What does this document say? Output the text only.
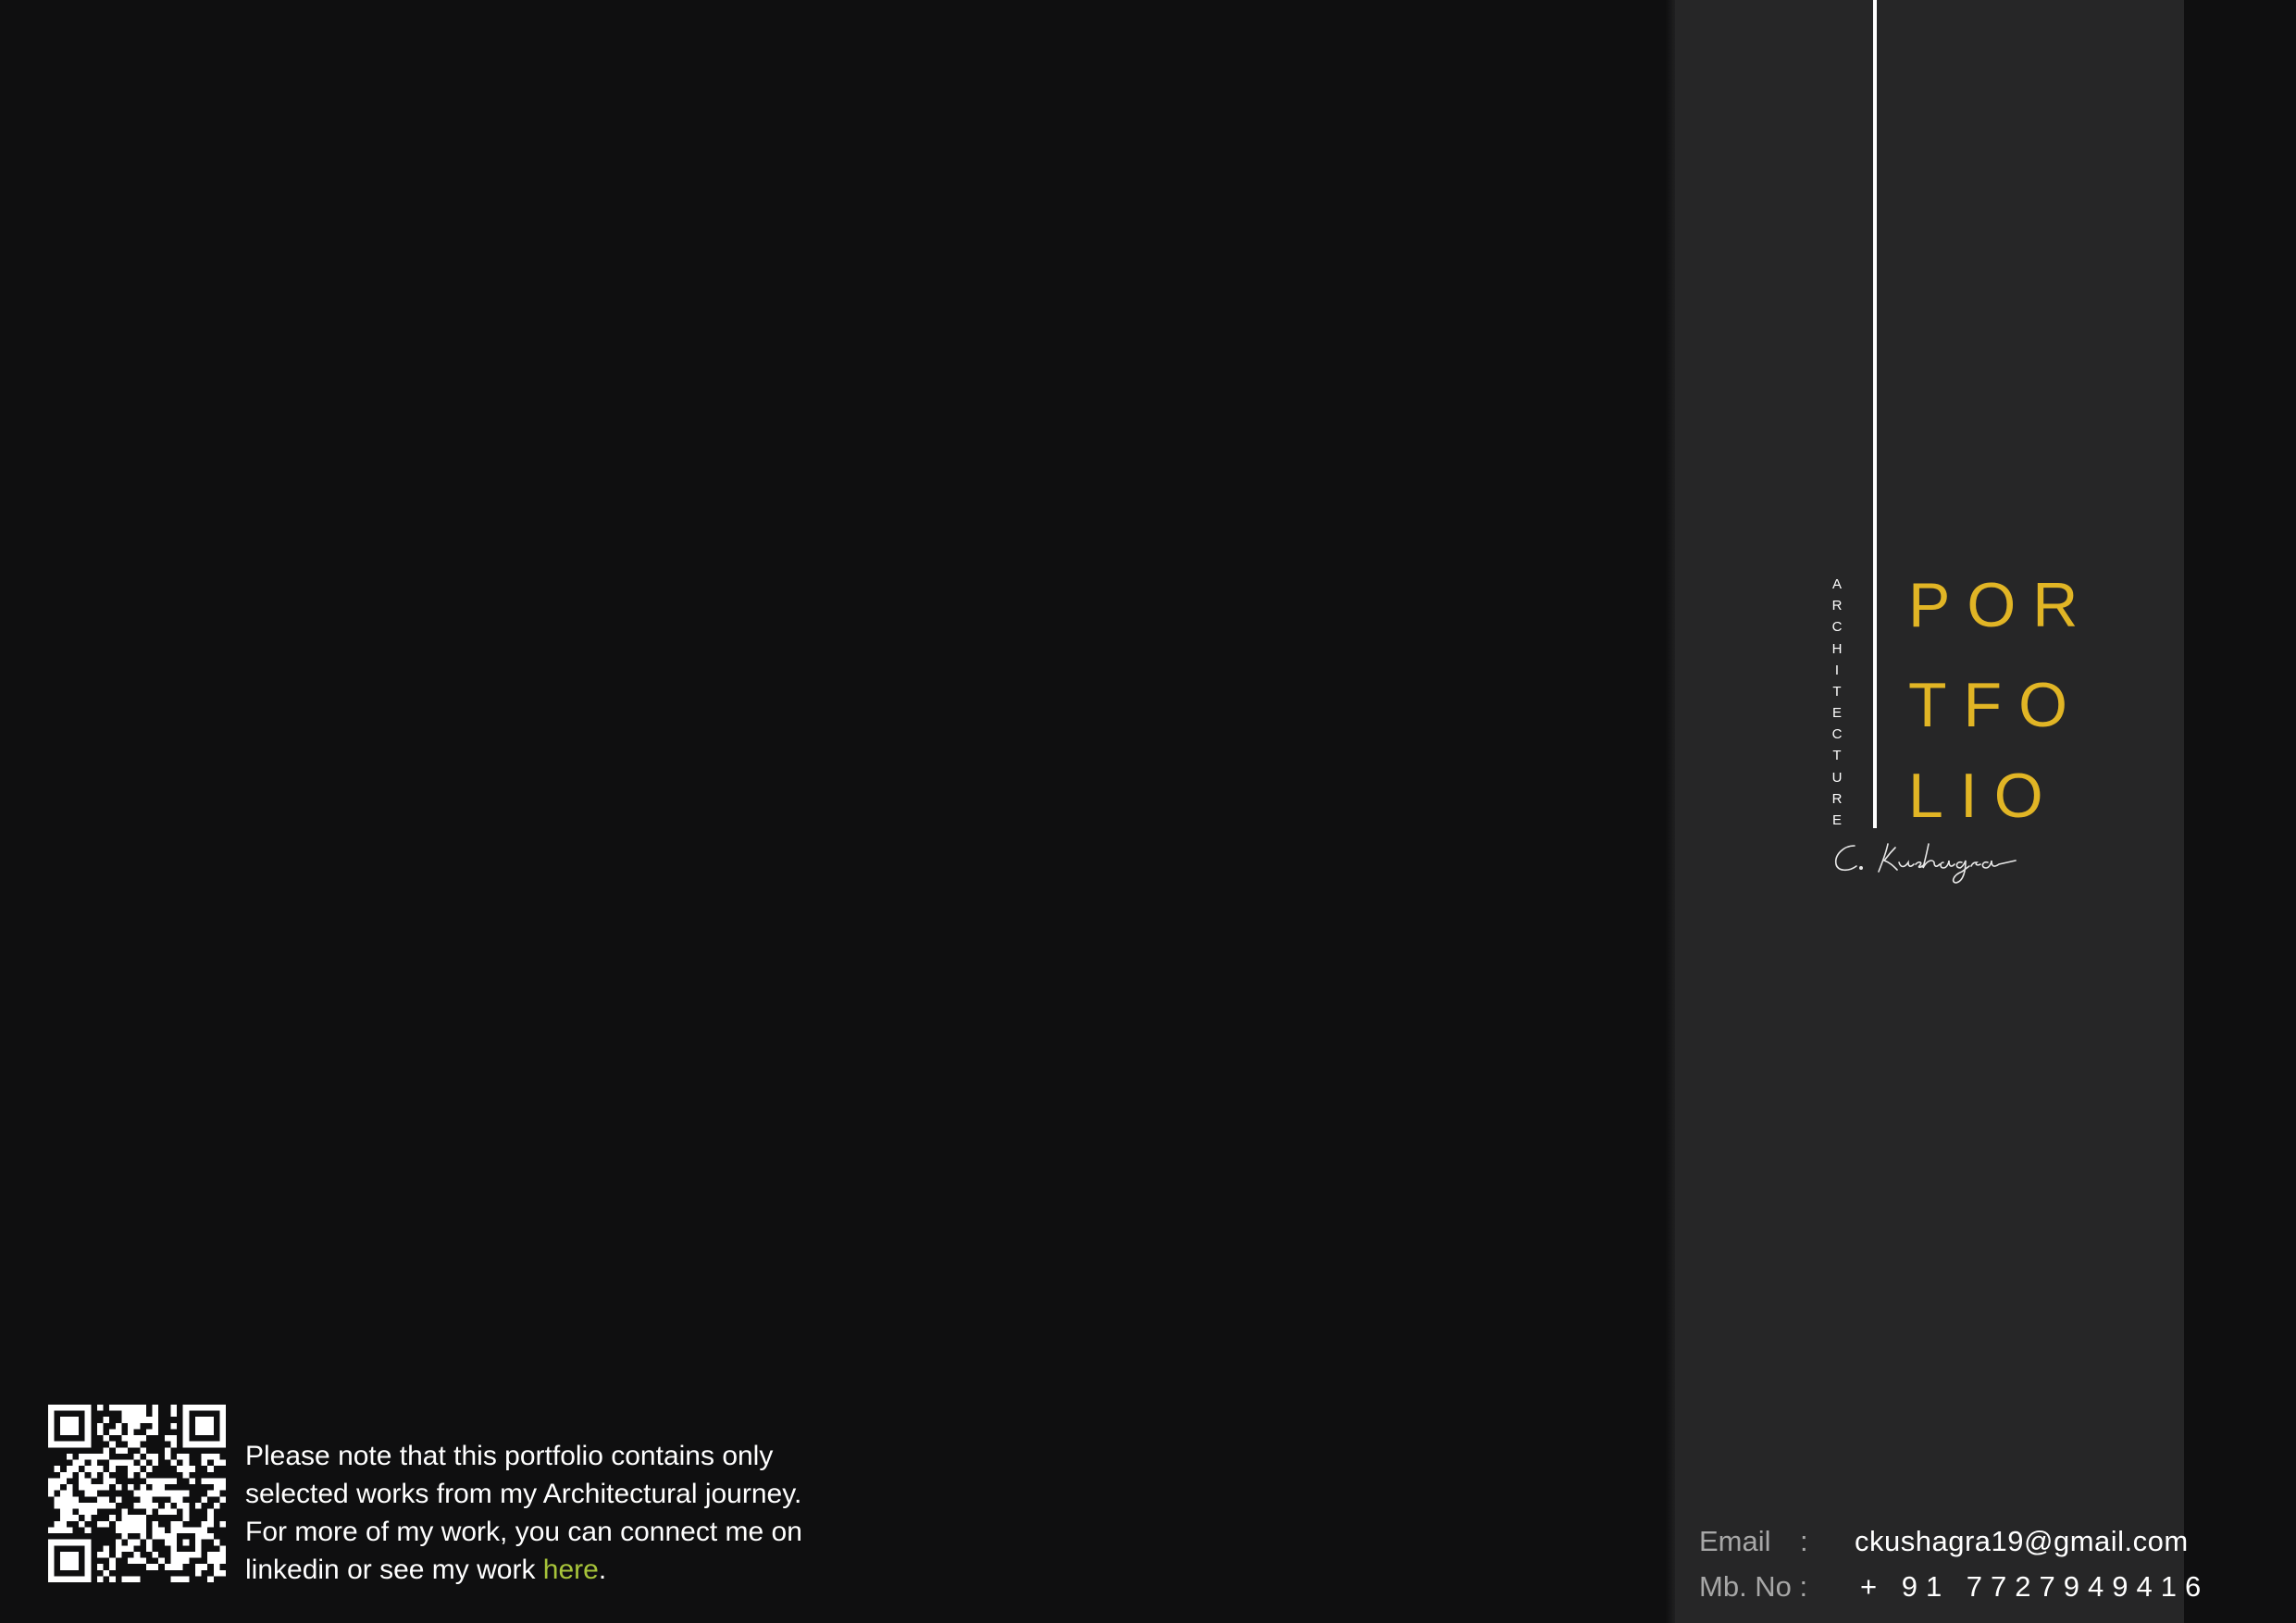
A
R
C
H
I
T
E
C
T
U
R
E
POR
TFO
LIO
Email : ckushagra19@gmail.com
Mb. No : + 91 7727949416
Please note that this portfolio contains only
selected works from my Architectural journey.
For more of my work, you can connect me on
linkedin or see my work here.
